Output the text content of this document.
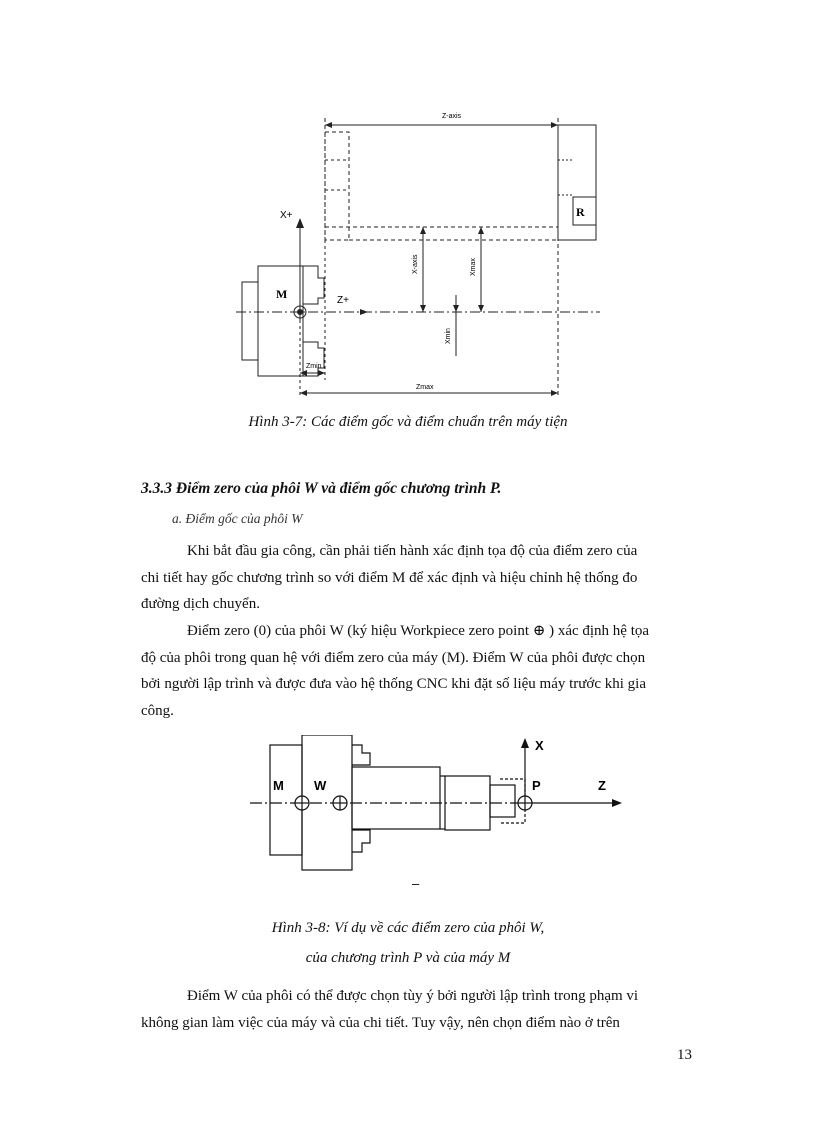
Z-axis
X+
Z+
M
R
X-axis	Xmax
Xmin
Zmin
Zmax
Hình 3-7: Các điểm gốc và điểm chuẩn trên máy tiện
3.3.3 Điểm zero của phôi W và điểm gốc chương trình P.
a. Điểm gốc của phôi W

Khi bắt đầu gia công, cần phải tiến hành xác định tọa độ của điểm zero của
chi tiết hay gốc chương trình so với điểm M để xác định và hiệu chỉnh hệ thống đo
đường dịch chuyển.

Điểm zero (0) của phôi W (ký hiệu Workpiece zero point ⊕ ) xác định hệ tọa
độ của phôi trong quan hệ với điểm zero của máy (M). Điểm W của phôi được chọn
bởi người lập trình và được đưa vào hệ thống CNC khi đặt số liệu máy trước khi gia
công.

X
M W	P	Z
–
Hình 3-8: Ví dụ về các điểm zero của phôi W,
của chương trình P và của máy M

Điểm W của phôi có thể được chọn tùy ý bởi người lập trình trong phạm vi
không gian làm việc của máy và của chi tiết. Tuy vậy, nên chọn điểm nào ở trên

13
